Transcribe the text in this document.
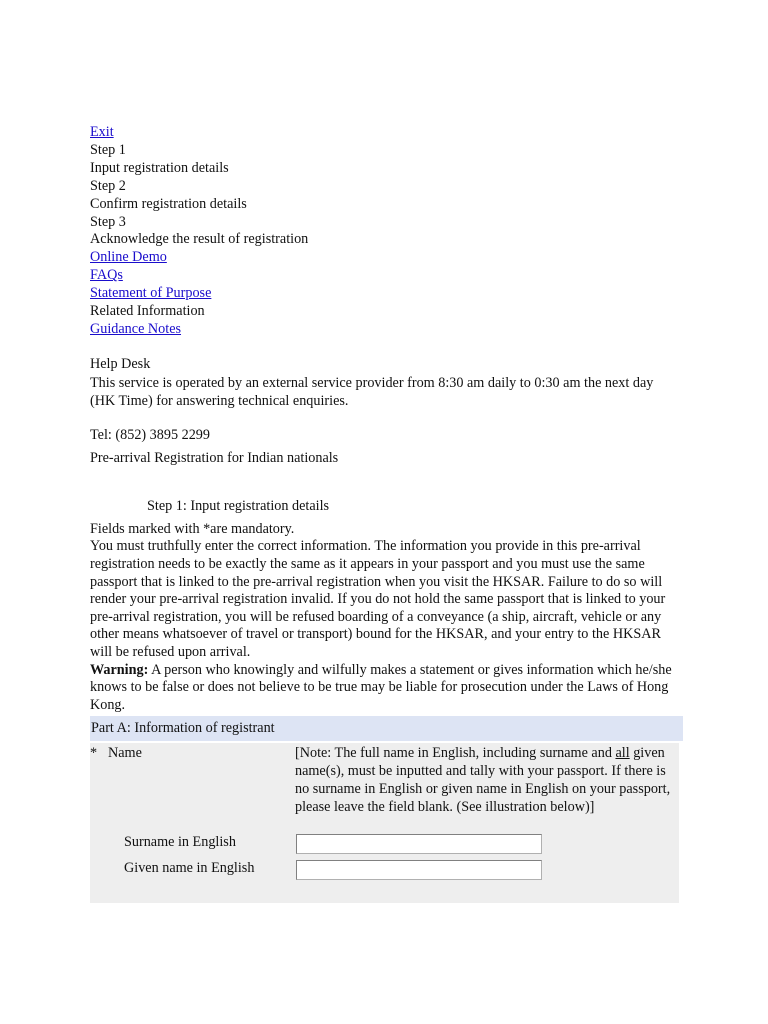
Exit
Step 1
Input registration details
Step 2
Confirm registration details
Step 3
Acknowledge the result of registration
Online Demo
FAQs
Statement of Purpose
Related Information
Guidance Notes
Help Desk
This service is operated by an external service provider from 8:30 am daily to 0:30 am the next day (HK Time) for answering technical enquiries.
Tel: (852) 3895 2299
Pre-arrival Registration for Indian nationals
Step 1: Input registration details
Fields marked with *are mandatory.
You must truthfully enter the correct information. The information you provide in this pre-arrival registration needs to be exactly the same as it appears in your passport and you must use the same passport that is linked to the pre-arrival registration when you visit the HKSAR. Failure to do so will render your pre-arrival registration invalid. If you do not hold the same passport that is linked to your pre-arrival registration, you will be refused boarding of a conveyance (a ship, aircraft, vehicle or any other means whatsoever of travel or transport) bound for the HKSAR, and your entry to the HKSAR will be refused upon arrival.
Warning: A person who knowingly and wilfully makes a statement or gives information which he/she knows to be false or does not believe to be true may be liable for prosecution under the Laws of Hong Kong.
Part A: Information of registrant
* Name	[Note: The full name in English, including surname and all given name(s), must be inputted and tally with your passport. If there is no surname in English or given name in English on your passport, please leave the field blank. (See illustration below)]
Surname in English
Given name in English
